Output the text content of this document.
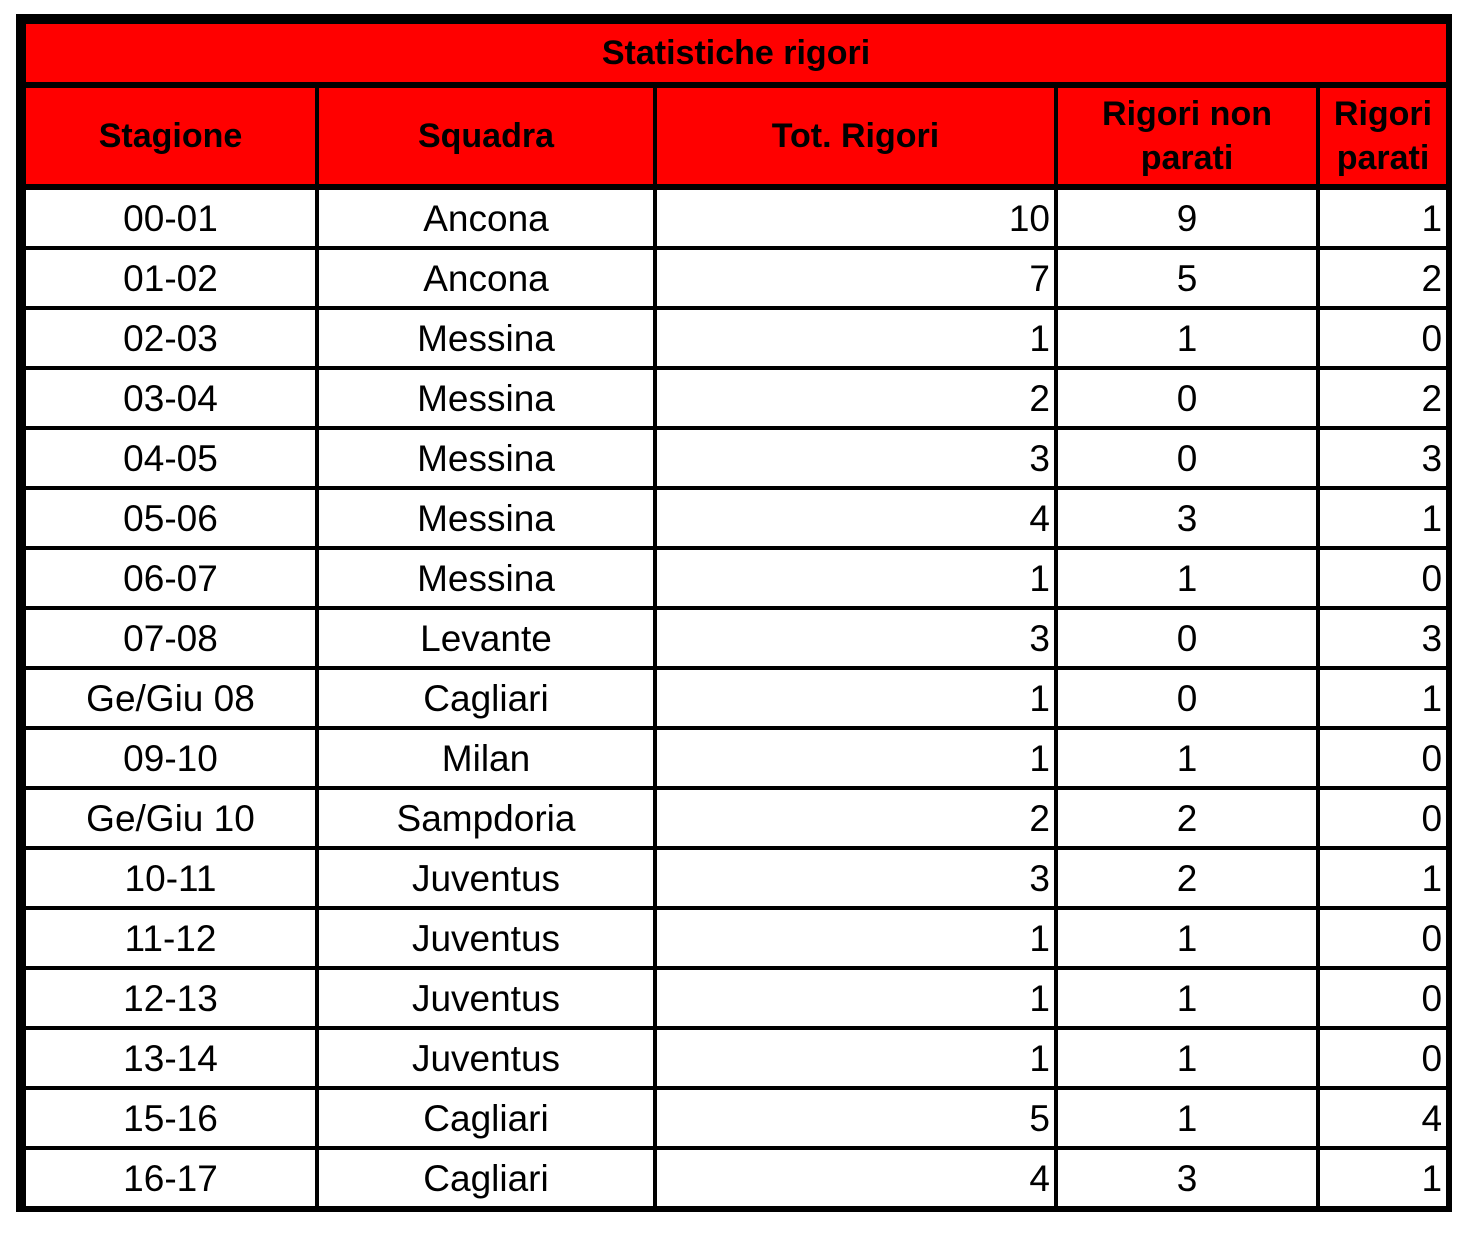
Statistiche rigori				
Stagione	Squadra	Tot. Rigori	Rigori non parati	Rigori parati
00-01	Ancona	10	9	1
01-02	Ancona	7	5	2
02-03	Messina	1	1	0
03-04	Messina	2	0	2
04-05	Messina	3	0	3
05-06	Messina	4	3	1
06-07	Messina	1	1	0
07-08	Levante	3	0	3
Ge/Giu 08	Cagliari	1	0	1
09-10	Milan	1	1	0
Ge/Giu 10	Sampdoria	2	2	0
10-11	Juventus	3	2	1
11-12	Juventus	1	1	0
12-13	Juventus	1	1	0
13-14	Juventus	1	1	0
15-16	Cagliari	5	1	4
16-17	Cagliari	4	3	1
